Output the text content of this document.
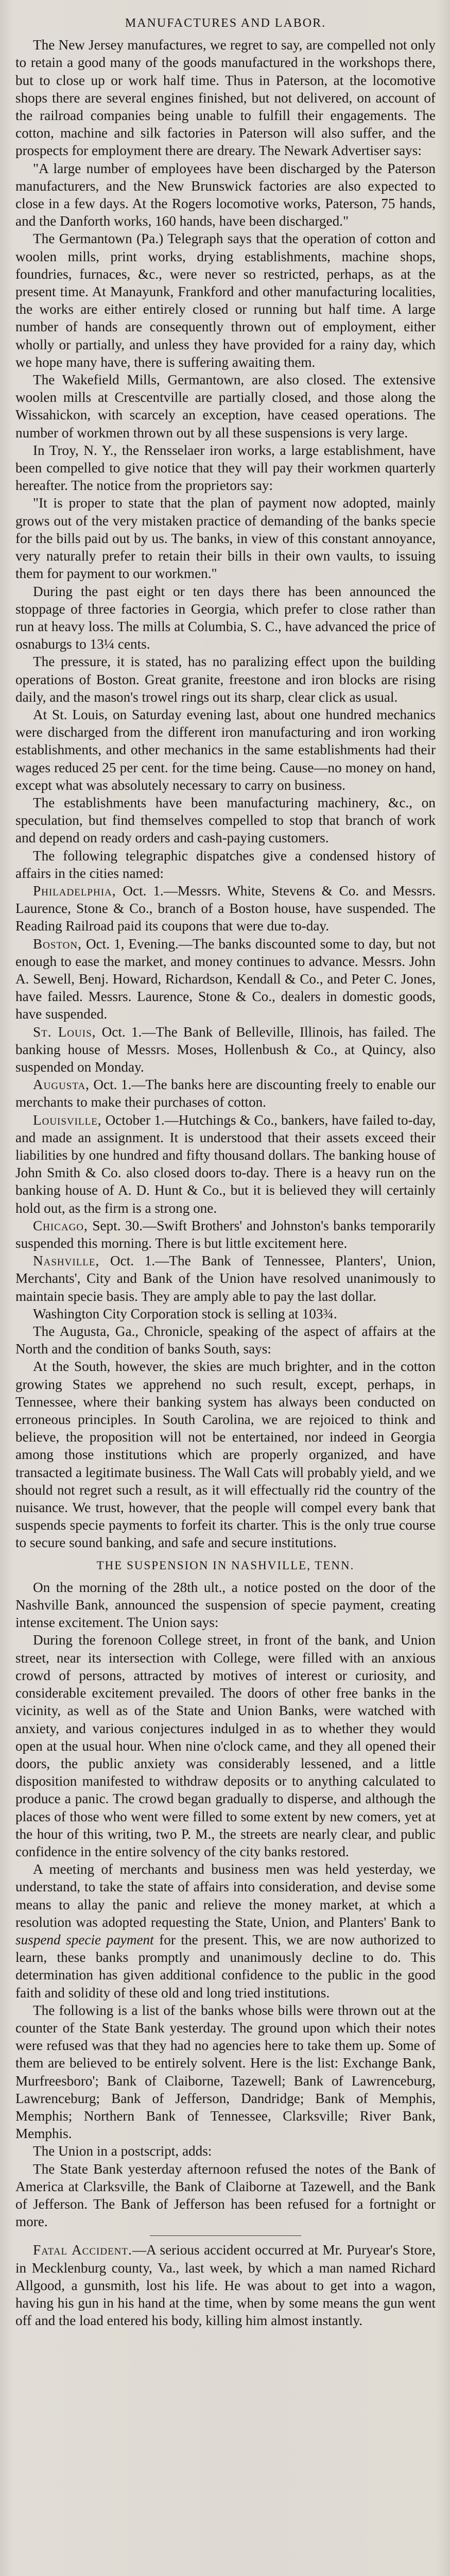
MANUFACTURES AND LABOR.

The New Jersey manufactures, we regret to say, are compelled not only to retain a good many of the goods manufactured in the workshops there, but to close up or work half time. Thus in Paterson, at the locomotive shops there are several engines finished, but not delivered, on account of the railroad companies being unable to fulfill their engagements. The cotton, machine and silk factories in Paterson will also suffer, and the prospects for employment there are dreary. The Newark Advertiser says:

"A large number of employees have been discharged by the Paterson manufacturers, and the New Brunswick factories are also expected to close in a few days. At the Rogers locomotive works, Paterson, 75 hands, and the Danforth works, 160 hands, have been discharged."

The Germantown (Pa.) Telegraph says that the operation of cotton and woolen mills, print works, drying establishments, machine shops, foundries, furnaces, &c., were never so restricted, perhaps, as at the present time. At Manayunk, Frankford and other manufacturing localities, the works are either entirely closed or running but half time. A large number of hands are consequently thrown out of employment, either wholly or partially, and unless they have provided for a rainy day, which we hope many have, there is suffering awaiting them.

The Wakefield Mills, Germantown, are also closed. The extensive woolen mills at Crescentville are partially closed, and those along the Wissahickon, with scarcely an exception, have ceased operations. The number of workmen thrown out by all these suspensions is very large.

In Troy, N. Y., the Rensselaer iron works, a large establishment, have been compelled to give notice that they will pay their workmen quarterly hereafter. The notice from the proprietors say:

"It is proper to state that the plan of payment now adopted, mainly grows out of the very mistaken practice of demanding of the banks specie for the bills paid out by us. The banks, in view of this constant annoyance, very naturally prefer to retain their bills in their own vaults, to issuing them for payment to our workmen."

During the past eight or ten days there has been announced the stoppage of three factories in Georgia, which prefer to close rather than run at heavy loss. The mills at Columbia, S. C., have advanced the price of osnaburgs to 13¼ cents.

The pressure, it is stated, has no paralizing effect upon the building operations of Boston. Great granite, freestone and iron blocks are rising daily, and the mason's trowel rings out its sharp, clear click as usual.

At St. Louis, on Saturday evening last, about one hundred mechanics were discharged from the different iron manufacturing and iron working establishments, and other mechanics in the same establishments had their wages reduced 25 per cent. for the time being. Cause—no money on hand, except what was absolutely necessary to carry on business.

The establishments have been manufacturing machinery, &c., on speculation, but find themselves compelled to stop that branch of work and depend on ready orders and cash-paying customers.

The following telegraphic dispatches give a condensed history of affairs in the cities named:

Philadelphia, Oct. 1.—Messrs. White, Stevens & Co. and Messrs. Laurence, Stone & Co., branch of a Boston house, have suspended. The Reading Railroad paid its coupons that were due to-day.

Boston, Oct. 1, Evening.—The banks discounted some to day, but not enough to ease the market, and money continues to advance. Messrs. John A. Sewell, Benj. Howard, Richardson, Kendall & Co., and Peter C. Jones, have failed. Messrs. Laurence, Stone & Co., dealers in domestic goods, have suspended.

St. Louis, Oct. 1.—The Bank of Belleville, Illinois, has failed. The banking house of Messrs. Moses, Hollenbush & Co., at Quincy, also suspended on Monday.

Augusta, Oct. 1.—The banks here are discounting freely to enable our merchants to make their purchases of cotton.

Louisville, October 1.—Hutchings & Co., bankers, have failed to-day, and made an assignment. It is understood that their assets exceed their liabilities by one hundred and fifty thousand dollars. The banking house of John Smith & Co. also closed doors to-day. There is a heavy run on the banking house of A. D. Hunt & Co., but it is believed they will certainly hold out, as the firm is a strong one.

Chicago, Sept. 30.—Swift Brothers' and Johnston's banks temporarily suspended this morning. There is but little excitement here.

Nashville, Oct. 1.—The Bank of Tennessee, Planters', Union, Merchants', City and Bank of the Union have resolved unanimously to maintain specie basis. They are amply able to pay the last dollar.

Washington City Corporation stock is selling at 103¾.

The Augusta, Ga., Chronicle, speaking of the aspect of affairs at the North and the condition of banks South, says:

At the South, however, the skies are much brighter, and in the cotton growing States we apprehend no such result, except, perhaps, in Tennessee, where their banking system has always been conducted on erroneous principles. In South Carolina, we are rejoiced to think and believe, the proposition will not be entertained, nor indeed in Georgia among those institutions which are properly organized, and have transacted a legitimate business. The Wall Cats will probably yield, and we should not regret such a result, as it will effectually rid the country of the nuisance. We trust, however, that the people will compel every bank that suspends specie payments to forfeit its charter. This is the only true course to secure sound banking, and safe and secure institutions.

THE SUSPENSION IN NASHVILLE, TENN.

On the morning of the 28th ult., a notice posted on the door of the Nashville Bank, announced the suspension of specie payment, creating intense excitement. The Union says:

During the forenoon College street, in front of the bank, and Union street, near its intersection with College, were filled with an anxious crowd of persons, attracted by motives of interest or curiosity, and considerable excitement prevailed. The doors of other free banks in the vicinity, as well as of the State and Union Banks, were watched with anxiety, and various conjectures indulged in as to whether they would open at the usual hour. When nine o'clock came, and they all opened their doors, the public anxiety was considerably lessened, and a little disposition manifested to withdraw deposits or to anything calculated to produce a panic. The crowd began gradually to disperse, and although the places of those who went were filled to some extent by new comers, yet at the hour of this writing, two P. M., the streets are nearly clear, and public confidence in the entire solvency of the city banks restored.

A meeting of merchants and business men was held yesterday, we understand, to take the state of affairs into consideration, and devise some means to allay the panic and relieve the money market, at which a resolution was adopted requesting the State, Union, and Planters' Bank to suspend specie payment for the present. This, we are now authorized to learn, these banks promptly and unanimously decline to do. This determination has given additional confidence to the public in the good faith and solidity of these old and long tried institutions.

The following is a list of the banks whose bills were thrown out at the counter of the State Bank yesterday. The ground upon which their notes were refused was that they had no agencies here to take them up. Some of them are believed to be entirely solvent. Here is the list: Exchange Bank, Murfreesboro'; Bank of Claiborne, Tazewell; Bank of Lawrenceburg, Lawrenceburg; Bank of Jefferson, Dandridge; Bank of Memphis, Memphis; Northern Bank of Tennessee, Clarksville; River Bank, Memphis.

The Union in a postscript, adds:

The State Bank yesterday afternoon refused the notes of the Bank of America at Clarksville, the Bank of Claiborne at Tazewell, and the Bank of Jefferson. The Bank of Jefferson has been refused for a fortnight or more.

Fatal Accident.—A serious accident occurred at Mr. Puryear's Store, in Mecklenburg county, Va., last week, by which a man named Richard Allgood, a gunsmith, lost his life. He was about to get into a wagon, having his gun in his hand at the time, when by some means the gun went off and the load entered his body, killing him almost instantly.
